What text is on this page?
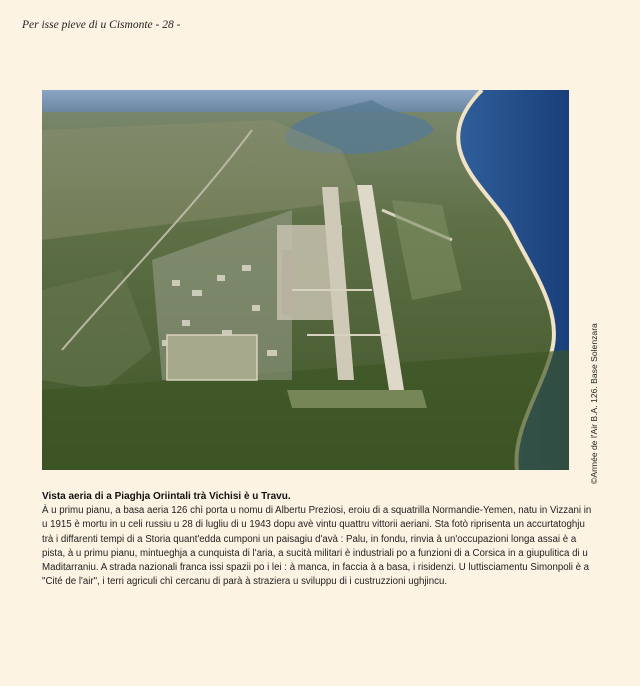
Per isse pieve di u Cismonte - 28 -
©Armée de l'Air B.A. 126. Base Solenzara
Vista aeria di a Piaghja Oriintali trà Vichisi è u Travu.

À u primu pianu, a basa aeria 126 chì porta u nomu di Albertu Preziosi, eroiu di a squatrilla Normandie-Yemen, natu in Vizzani in u 1915 è mortu in u celi russiu u 28 di lugliu di u 1943 dopu avè vintu quattru vittorii aeriani. Sta fotò riprisenta un accurtatoghju trà i diffarenti tempi di a Storia quant'edda cumponi un paisagiu d'avà : Palu, in fondu, rinvia à un'occupazioni longa assai è a pista, à u primu pianu, mintueghja a cunquista di l'aria, a sucità militari è industriali po a funzioni di a Corsica in a giupulitica di u Maditarraniu. A strada nazionali franca issi spazii po i lei : à manca, in faccia à a basa, i risidenzi. U luttisciamentu Simonpoli è a "Cité de l'air", i terri agriculi chì cercanu di parà à straziera u sviluppu di i custruzzioni ughjincu.
